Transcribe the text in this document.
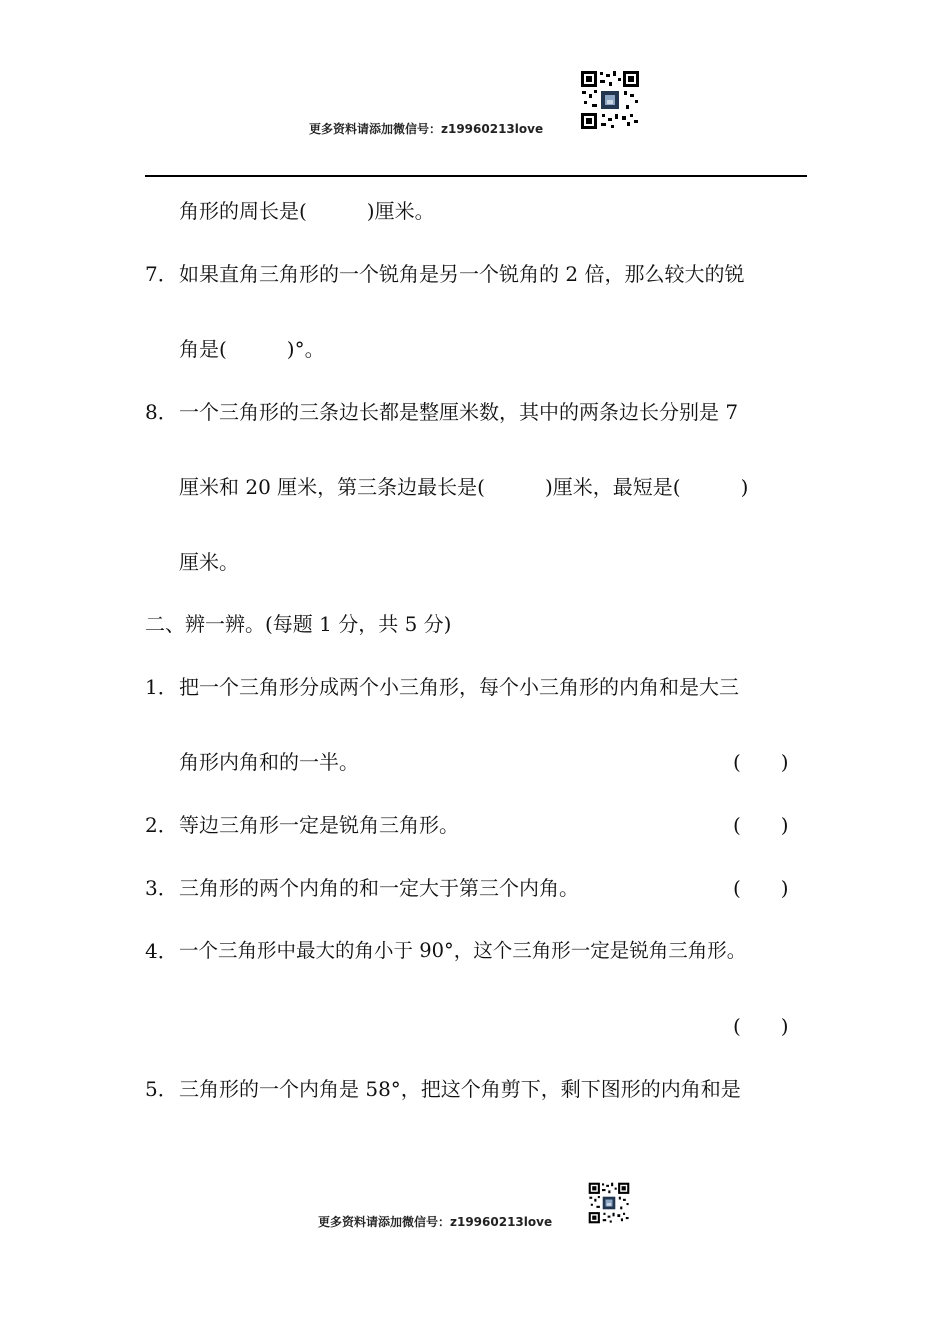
更多资料请添加微信号：z19960213love
角形的周长是(　　　)厘米。
7． 如果直角三角形的一个锐角是另一个锐角的 2 倍，那么较大的锐
角是(　　　)°。
8． 一个三角形的三条边长都是整厘米数，其中的两条边长分别是 7
厘米和 20 厘米，第三条边最长是(　　　)厘米，最短是(　　　)
厘米。
二、辨一辨。(每题 1 分，共 5 分)
1． 把一个三角形分成两个小三角形，每个小三角形的内角和是大三
角形内角和的一半。	(　　)
2． 等边三角形一定是锐角三角形。	(　　)
3． 三角形的两个内角的和一定大于第三个内角。	(　　)
4． 一个三角形中最大的角小于 90°，这个三角形一定是锐角三角形。
(　　)
5． 三角形的一个内角是 58°，把这个角剪下，剩下图形的内角和是
更多资料请添加微信号：z19960213love
